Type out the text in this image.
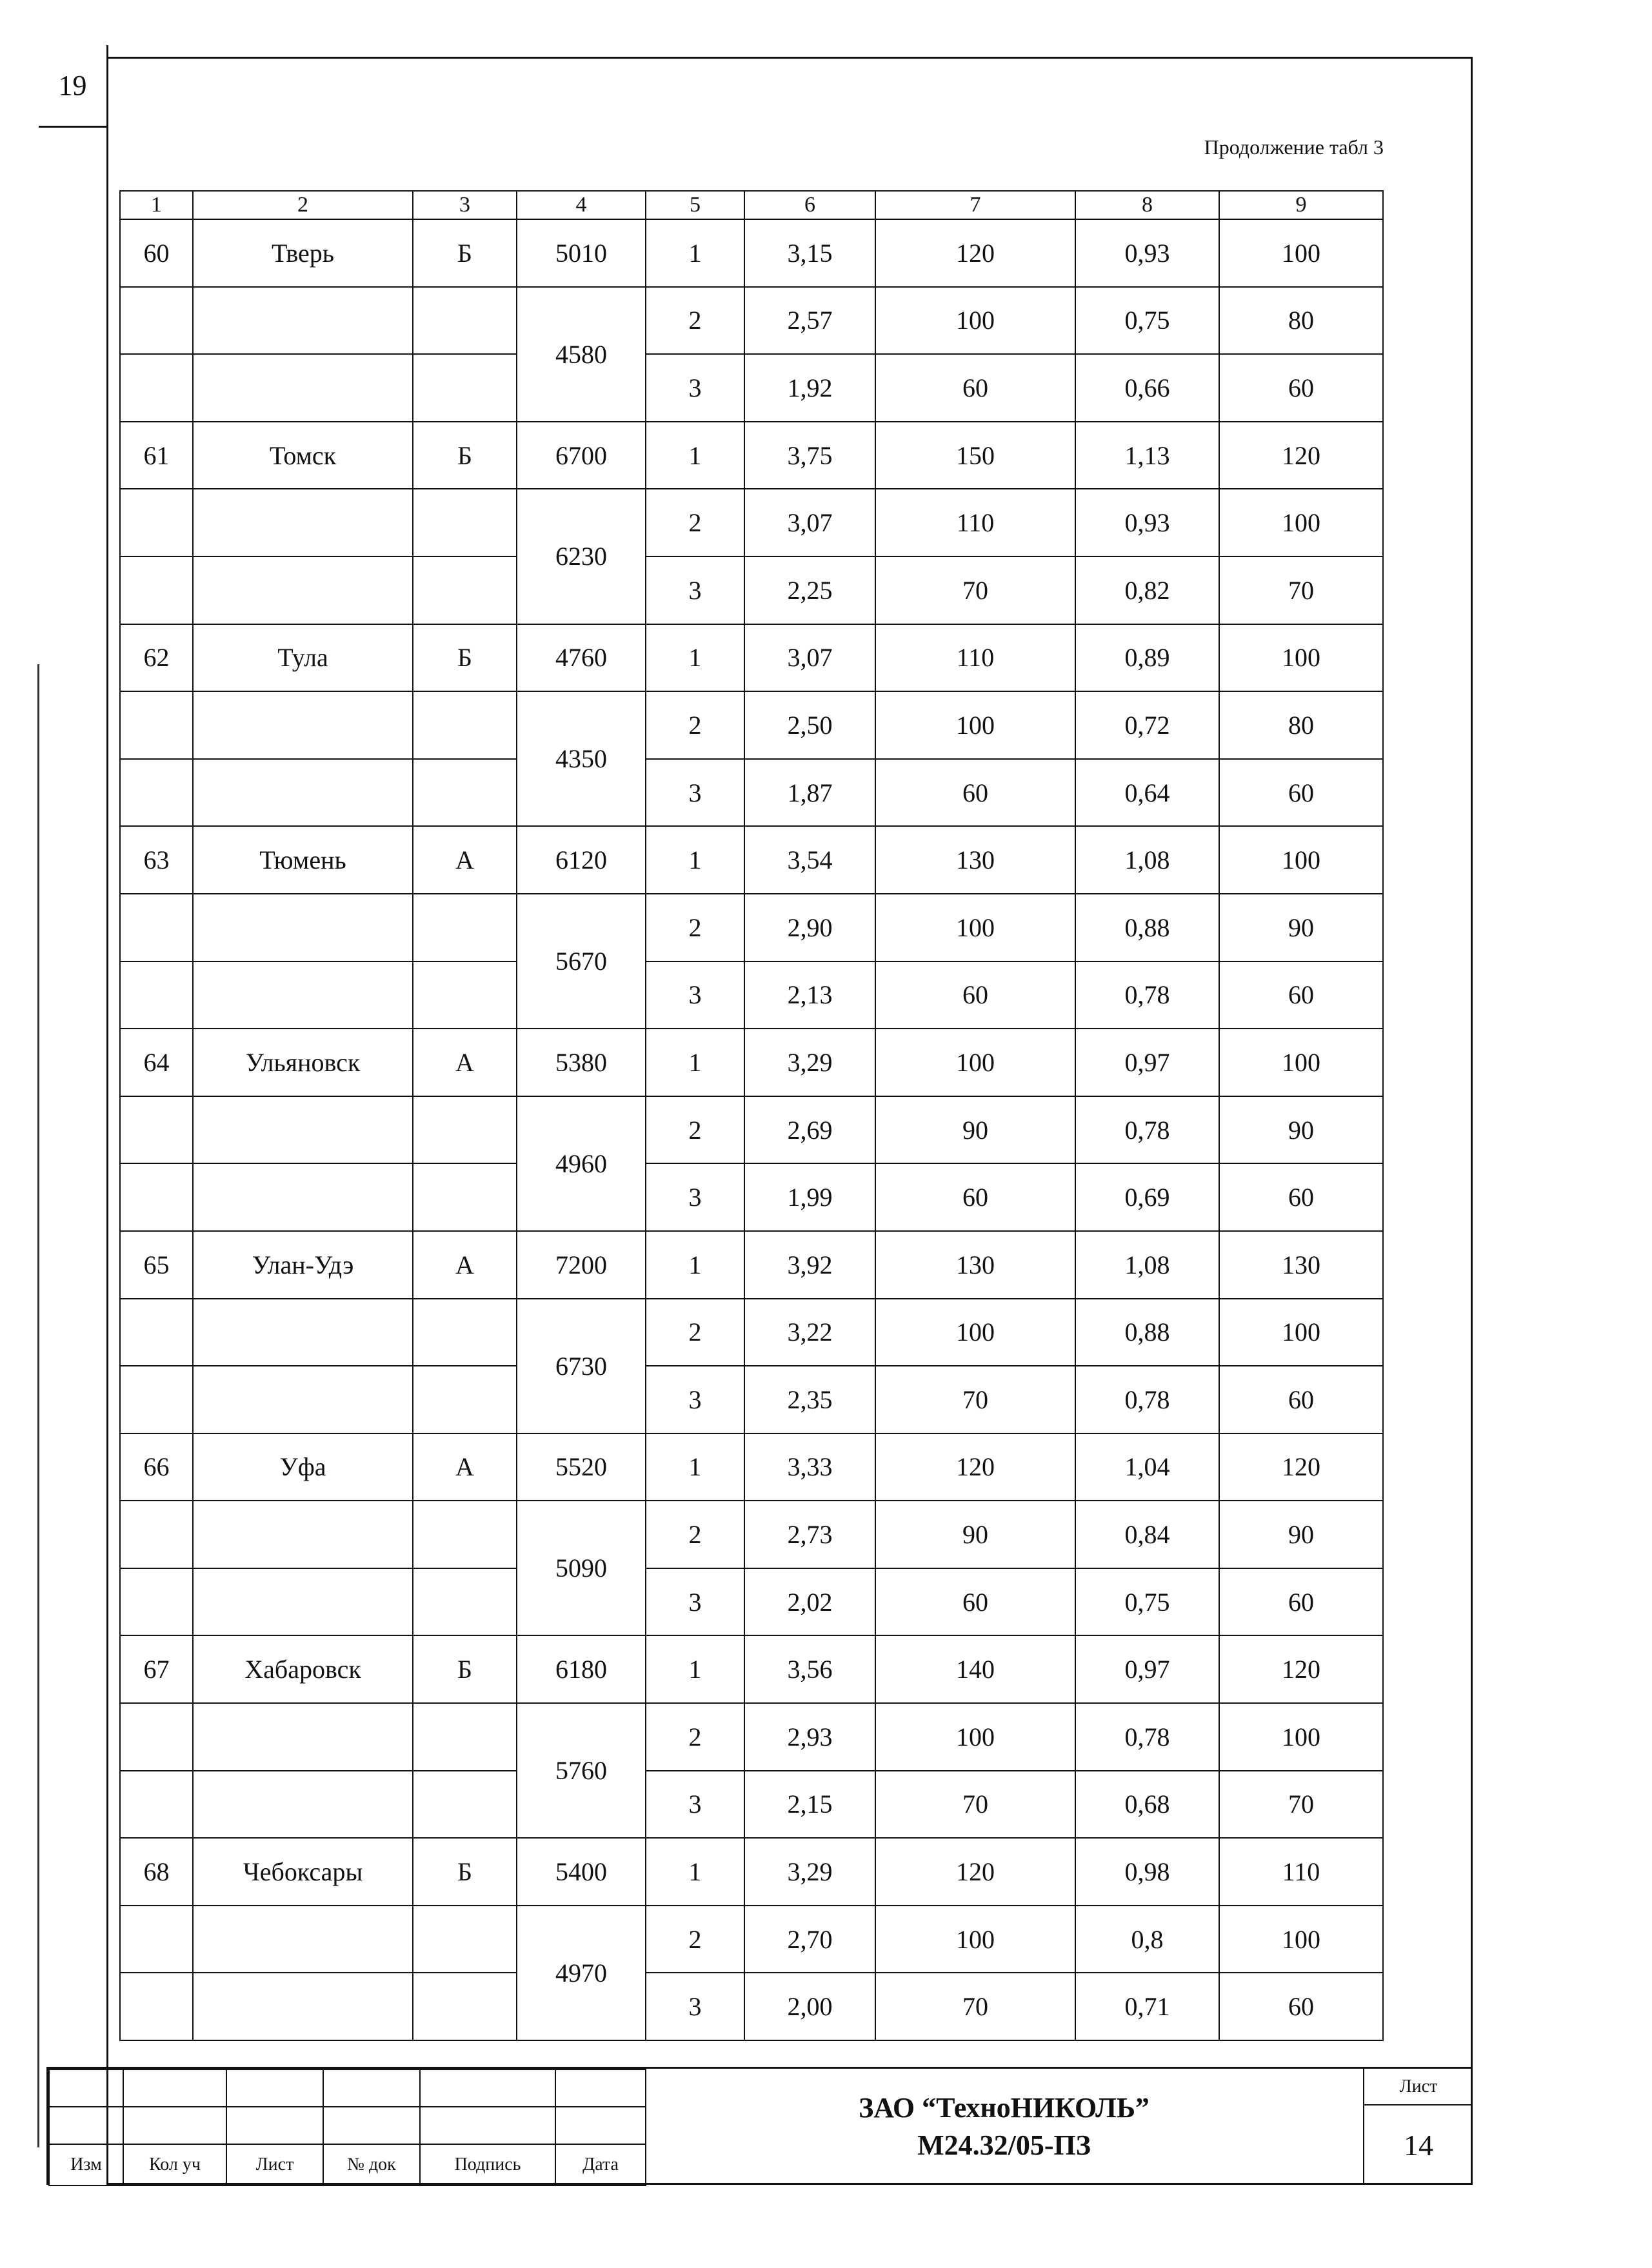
19
Продолжение табл 3
1	2	3	4	5	6	7	8	9
60	Тверь	Б	5010	1	3,15	120	0,93	100
			4580	2	2,57	100	0,75	80
				3	1,92	60	0,66	60
61	Томск	Б	6700	1	3,75	150	1,13	120
			6230	2	3,07	110	0,93	100
				3	2,25	70	0,82	70
62	Тула	Б	4760	1	3,07	110	0,89	100
			4350	2	2,50	100	0,72	80
				3	1,87	60	0,64	60
63	Тюмень	А	6120	1	3,54	130	1,08	100
			5670	2	2,90	100	0,88	90
				3	2,13	60	0,78	60
64	Ульяновск	А	5380	1	3,29	100	0,97	100
			4960	2	2,69	90	0,78	90
				3	1,99	60	0,69	60
65	Улан-Удэ	А	7200	1	3,92	130	1,08	130
			6730	2	3,22	100	0,88	100
				3	2,35	70	0,78	60
66	Уфа	А	5520	1	3,33	120	1,04	120
			5090	2	2,73	90	0,84	90
				3	2,02	60	0,75	60
67	Хабаровск	Б	6180	1	3,56	140	0,97	120
			5760	2	2,93	100	0,78	100
				3	2,15	70	0,68	70
68	Чебоксары	Б	5400	1	3,29	120	0,98	110
			4970	2	2,70	100	0,8	100
				3	2,00	70	0,71	60

Изм	Кол уч	Лист	№ док	Подпись	Дата
ЗАО “ТехноНИКОЛЬ”
М24.32/05-ПЗ
Лист
14
